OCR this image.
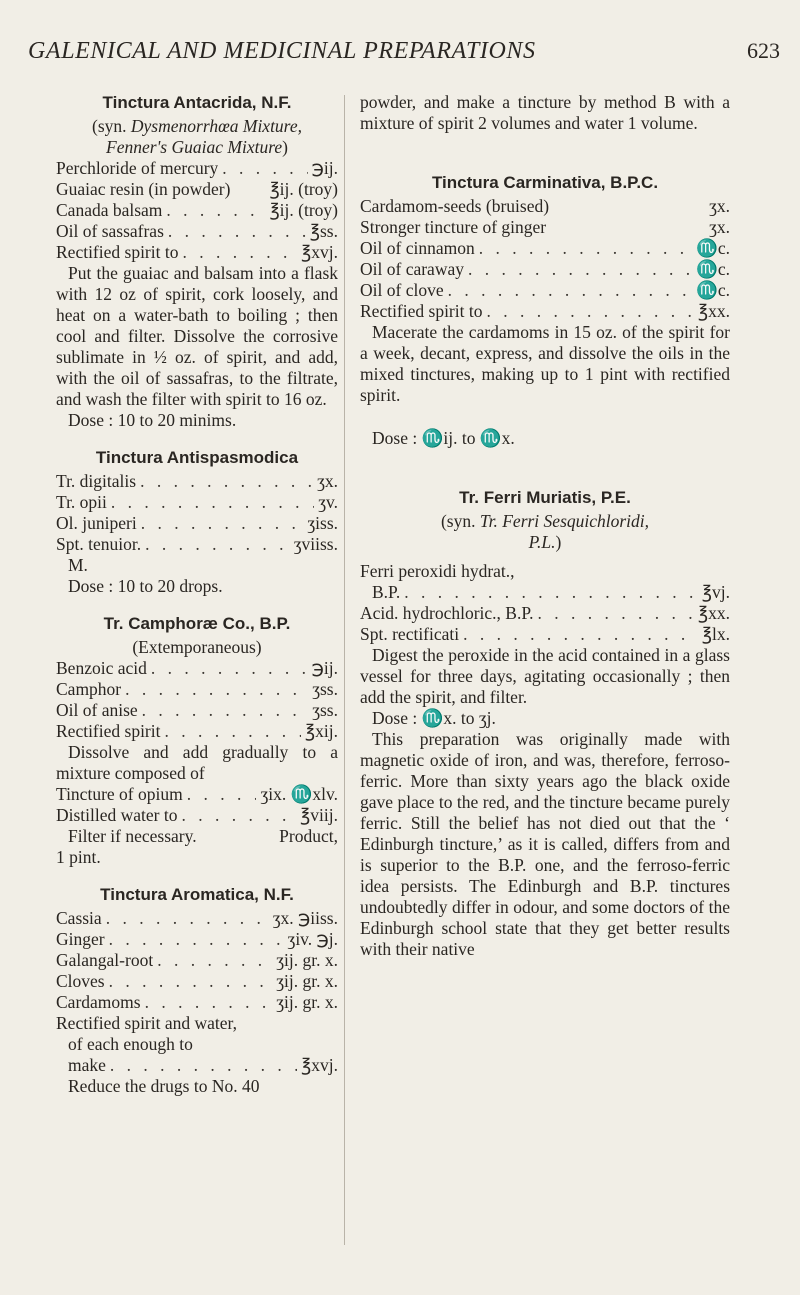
GALENICAL AND MEDICINAL PREPARATIONS	623
Tinctura Antacrida, N.F.
(syn. Dysmenorrhœa Mixture,
Fenner's Guaiac Mixture)
Perchloride of mercury . . .	℈ij.
Guaiac resin (in powder) ℥ij. (troy)
Canada balsam . . .	℥ij. (troy)
Oil of sassafras . . .	℥ss.
Rectified spirit to . . .	℥xvj.
Put the guaiac and balsam into a flask with 12 oz of spirit, cork loosely, and heat on a water-bath to boiling ; then cool and filter. Dissolve the corrosive sublimate in ½ oz. of spirit, and add, with the oil of sassafras, to the filtrate, and wash the filter with spirit to 16 oz.
Dose : 10 to 20 minims.
Tinctura Antispasmodica
Tr. digitalis . . .	ʒx.
Tr. opii . . .	ʒv.
Ol. juniperi . . .	ʒiss.
Spt. tenuior. . . .	ʒviiss.
M.
Dose : 10 to 20 drops.
Tr. Camphoræ Co., B.P.
(Extemporaneous)
Benzoic acid . . .	℈ij.
Camphor . . .	ʒss.
Oil of anise . . .	ʒss.
Rectified spirit . . .	℥xij.
Dissolve and add gradually to a mixture composed of
Tincture of opium . . .	ʒix. ♏xlv.
Distilled water to . . .	℥viij.
Filter if necessary.	Product,
1 pint.
Tinctura Aromatica, N.F.
Cassia . . .	ʒx. ℈iiss.
Ginger . . .	ʒiv. ℈j.
Galangal-root . . .	ʒij. gr. x.
Cloves . . .	ʒij. gr. x.
Cardamoms . . .	ʒij. gr. x.
Rectified spirit and water,
of each enough to
make . . .	℥xvj.
Reduce the drugs to No. 40
powder, and make a tincture by method B with a mixture of spirit 2 volumes and water 1 volume.
Tinctura Carminativa, B.P.C.
Cardamom-seeds (bruised)	ʒx.
Stronger tincture of ginger	ʒx.
Oil of cinnamon . . .	♏c.
Oil of caraway . . .	♏c.
Oil of clove . . .	♏c.
Rectified spirit to . . .	℥xx.
Macerate the cardamoms in 15 oz. of the spirit for a week, decant, express, and dissolve the oils in the mixed tinctures, making up to 1 pint with rectified spirit.
Dose : ♏ij. to ♏x.
Tr. Ferri Muriatis, P.E.
(syn. Tr. Ferri Sesquichloridi,
P.L.)
Ferri peroxidi hydrat.,
B.P. . . .	℥vj.
Acid. hydrochloric., B.P. . . .	℥xx.
Spt. rectificati . . .	℥lx.
Digest the peroxide in the acid contained in a glass vessel for three days, agitating occasionally ; then add the spirit, and filter.
Dose : ♏x. to ʒj.
This preparation was originally made with magnetic oxide of iron, and was, therefore, ferroso-ferric. More than sixty years ago the black oxide gave place to the red, and the tincture became purely ferric. Still the belief has not died out that the ‘ Edinburgh tincture,’ as it is called, differs from and is superior to the B.P. one, and the ferroso-ferric idea persists. The Edinburgh and B.P. tinctures undoubtedly differ in odour, and some doctors of the Edinburgh school state that they get better results with their native
